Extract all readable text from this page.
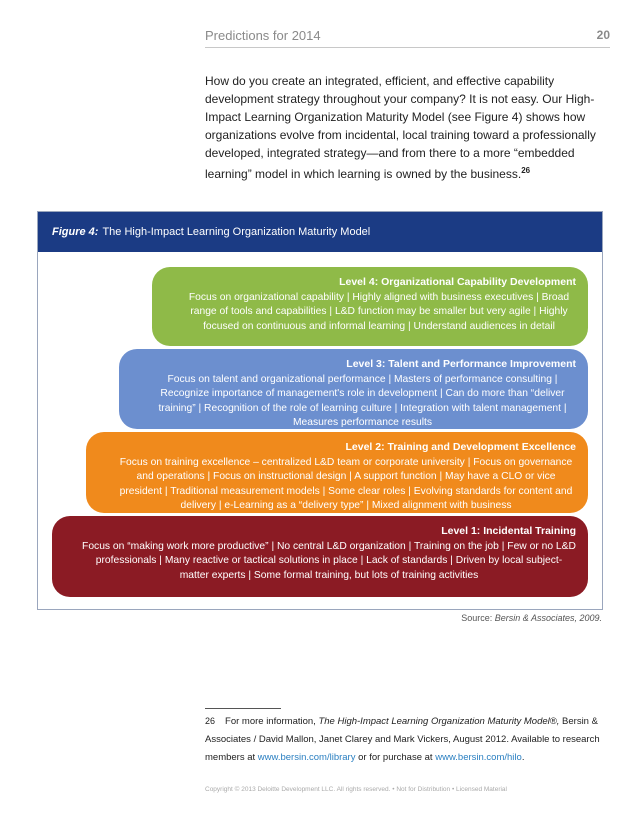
Predictions for 2014	20
How do you create an integrated, efficient, and effective capability development strategy throughout your company? It is not easy. Our High-Impact Learning Organization Maturity Model (see Figure 4) shows how organizations evolve from incidental, local training toward a professionally developed, integrated strategy—and from there to a more “embedded learning” model in which learning is owned by the business.$^{26}$
Figure 4: The High-Impact Learning Organization Maturity Model
Level 4: Organizational Capability Development
Focus on organizational capability | Highly aligned with business executives | Broad range of tools and capabilities | L&D function may be smaller but very agile | Highly focused on continuous and informal learning | Understand audiences in detail
Level 3: Talent and Performance Improvement
Focus on talent and organizational performance | Masters of performance consulting | Recognize importance of management's role in development | Can do more than “deliver training” | Recognition of the role of learning culture | Integration with talent management | Measures performance results
Level 2: Training and Development Excellence
Focus on training excellence – centralized L&D team or corporate university | Focus on governance and operations | Focus on instructional design | A support function | May have a CLO or vice president | Traditional measurement models | Some clear roles | Evolving standards for content and delivery | e-Learning as a “delivery type” | Mixed alignment with business
Level 1: Incidental Training
Focus on “making work more productive” | No central L&D organization | Training on the job | Few or no L&D professionals | Many reactive or tactical solutions in place | Lack of standards | Driven by local subject-matter experts | Some formal training, but lots of training activities
Source: Bersin & Associates, 2009.
26 For more information, The High-Impact Learning Organization Maturity Model®, Bersin & Associates / David Mallon, Janet Clarey and Mark Vickers, August 2012. Available to research members at www.bersin.com/library or for purchase at www.bersin.com/hilo.
Copyright © 2013 Deloitte Development LLC. All rights reserved. • Not for Distribution • Licensed Material
